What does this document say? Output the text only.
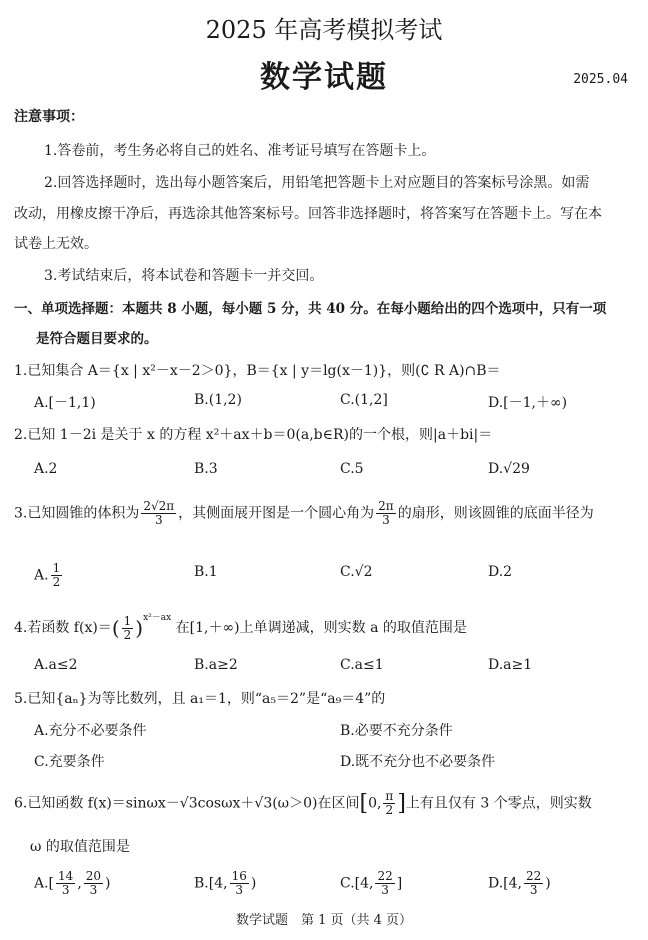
2025 年高考模拟考试
数学试题	2025.04
注意事项：
1.答卷前，考生务必将自己的姓名、准考证号填写在答题卡上。
2.回答选择题时，选出每小题答案后，用铅笔把答题卡上对应题目的答案标号涂黑。如需
改动，用橡皮擦干净后，再选涂其他答案标号。回答非选择题时，将答案写在答题卡上。写在本
试卷上无效。
3.考试结束后，将本试卷和答题卡一并交回。
一、单项选择题：本题共 8 小题，每小题 5 分，共 40 分。在每小题给出的四个选项中，只有一项
是符合题目要求的。
1.已知集合 A＝{x | x²－x－2＞0}，B＝{x | y＝lg(x－1)}，则(∁ R A)∩B＝
A.[－1,1)	B.(1,2)	C.(1,2]	D.[－1,＋∞)
2.已知 1－2i 是关于 x 的方程 x²＋ax＋b＝0(a,b∈R)的一个根，则|a＋bi|＝
A.2	B.3	C.5	D.√29
3.已知圆锥的体积为 $\frac{2√2\pi}{3}$ ，其侧面展开图是一个圆心角为 $\frac{2\pi}{3}$ 的扇形，则该圆锥的底面半径为
A. $\frac{1}{2}$	B.1	C.√2	D.2
4.若函数 $f(x)=( \frac{1}{2} )^{x^2-ax}$ 在[1,＋∞)上单调递减，则实数 a 的取值范围是
A.a≤2	B.a≥2	C.a≤1	D.a≥1
5.已知{aₙ}为等比数列，且 a₁＝1，则“a₅＝2”是“a₉＝4”的
A.充分不必要条件	B.必要不充分条件
C.充要条件	D.既不充分也不必要条件
6.已知函数 f(x)＝sinωx－√3cosωx＋√3(ω＞0)在区间[0, $\frac{\pi}{2}$ ]上有且仅有 3 个零点，则实数
ω 的取值范围是
$A.[ \frac{14}{3}$ , $\frac{20}{3}$ )	B.[4, $\frac{16}{3}$ )	C.[4, $\frac{22}{3}$ ]	D.[4, $\frac{22}{3}$ )
数学试题　第 1 页（共 4 页）
